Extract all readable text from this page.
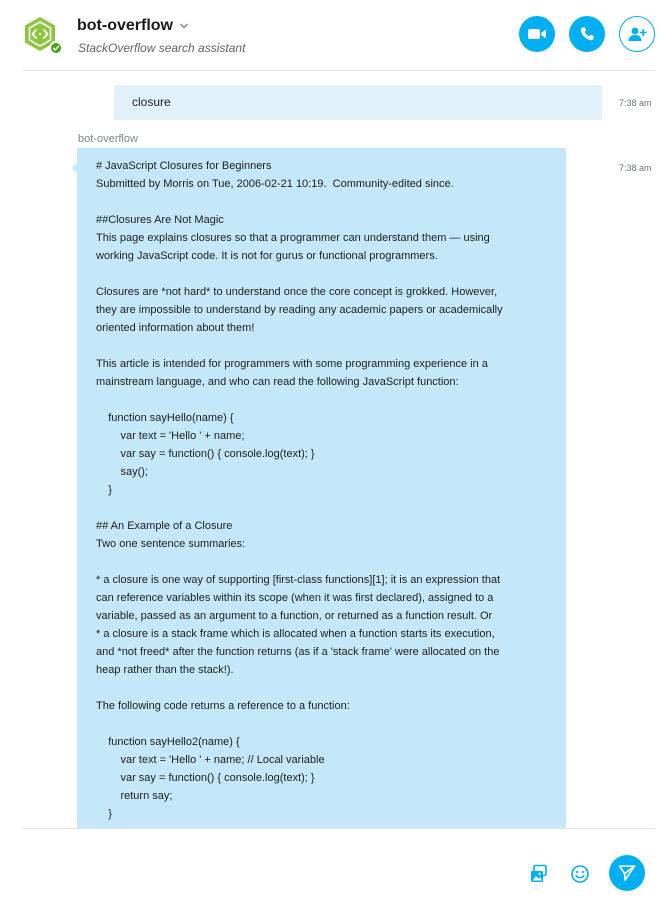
bot-overflow
StackOverflow search assistant
closure	7:38 am
bot-overflow
# JavaScript Closures for Beginners
Submitted by Morris on Tue, 2006-02-21 10:19.  Community-edited since.
##Closures Are Not Magic
This page explains closures so that a programmer can understand them — using
working JavaScript code. It is not for gurus or functional programmers.
Closures are *not hard* to understand once the core concept is grokked. However,
they are impossible to understand by reading any academic papers or academically
oriented information about them!
This article is intended for programmers with some programming experience in a
mainstream language, and who can read the following JavaScript function:
function sayHello(name) {
var text = 'Hello ' + name;
var say = function() { console.log(text); }
say();
}
## An Example of a Closure
Two one sentence summaries:
* a closure is one way of supporting [first-class functions][1]; it is an expression that
can reference variables within its scope (when it was first declared), assigned to a
variable, passed as an argument to a function, or returned as a function result. Or
* a closure is a stack frame which is allocated when a function starts its execution,
and *not freed* after the function returns (as if a 'stack frame' were allocated on the
heap rather than the stack!).
The following code returns a reference to a function:
function sayHello2(name) {
var text = 'Hello ' + name; // Local variable
var say = function() { console.log(text); }
return say;
}
7:38 am
